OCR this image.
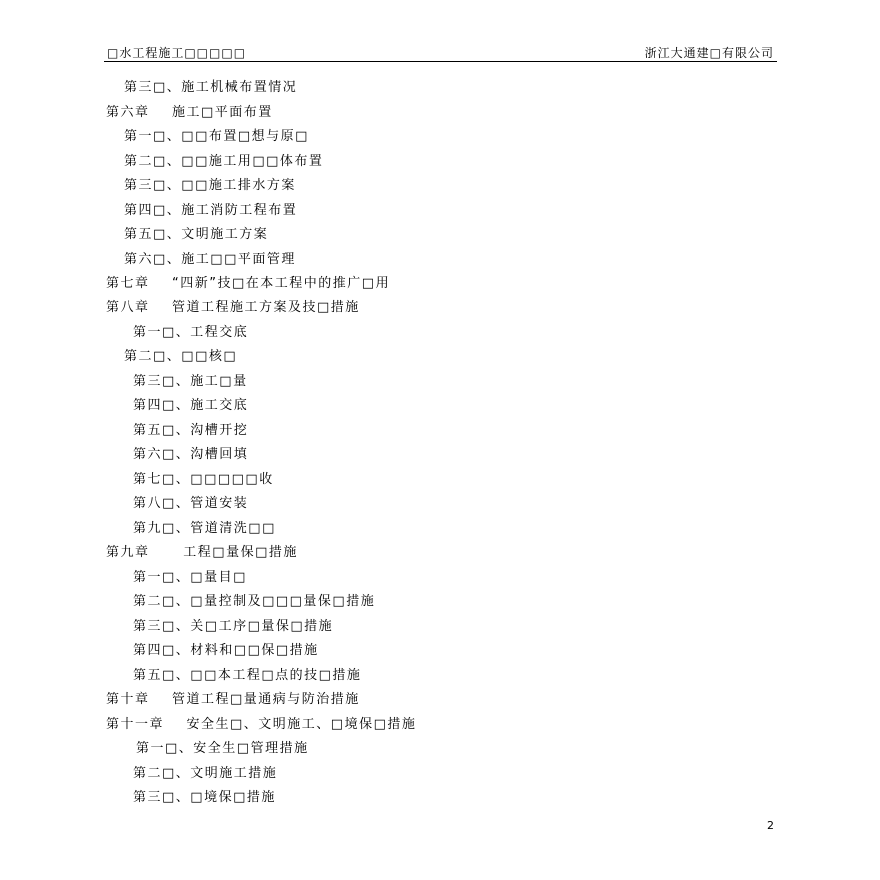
□水工程施工□□□□□	浙江大通建□有限公司
第三□、施工机械布置情况
第六章    施工□平面布置
第一□、□□布置□想与原□
第二□、□□施工用□□体布置
第三□、□□施工排水方案
第四□、施工消防工程布置
第五□、文明施工方案
第六□、施工□□平面管理
第七章    “四新”技□在本工程中的推广□用
第八章    管道工程施工方案及技□措施
第一□、工程交底
第二□、□□核□
第三□、施工□量
第四□、施工交底
第五□、沟槽开挖
第六□、沟槽回填
第七□、□□□□□收
第八□、管道安装
第九□、管道清洗□□
第九章      工程□量保□措施
第一□、□量目□
第二□、□量控制及□□□量保□措施
第三□、关□工序□量保□措施
第四□、材料和□□保□措施
第五□、□□本工程□点的技□措施
第十章    管道工程□量通病与防治措施
第十一章    安全生□、文明施工、□境保□措施
第一□、安全生□管理措施
第二□、文明施工措施
第三□、□境保□措施
2
